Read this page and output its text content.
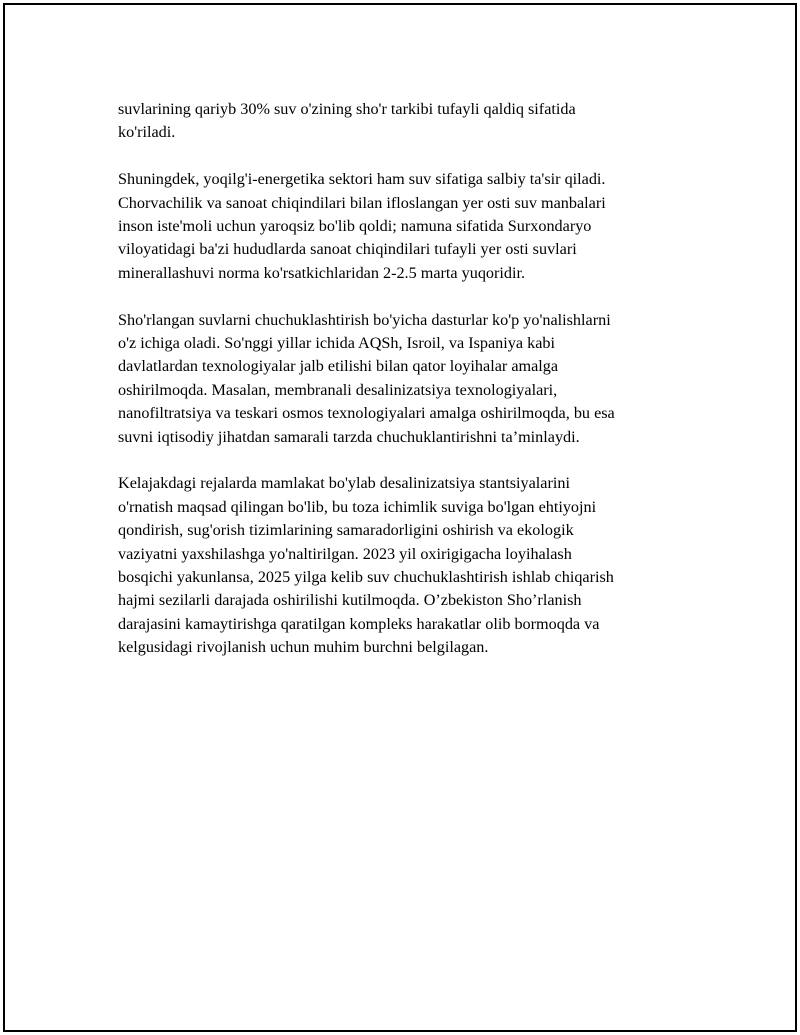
suvlarining qariyb 30% suv o'zining sho'r tarkibi tufayli qaldiq sifatida
ko'riladi.

Shuningdek, yoqilg'i-energetika sektori ham suv sifatiga salbiy ta'sir qiladi.
Chorvachilik va sanoat chiqindilari bilan ifloslangan yer osti suv manbalari
inson iste'moli uchun yaroqsiz bo'lib qoldi; namuna sifatida Surxondaryo
viloyatidagi ba'zi hududlarda sanoat chiqindilari tufayli yer osti suvlari
minerallashuvi norma ko'rsatkichlaridan 2-2.5 marta yuqoridir.

Sho'rlangan suvlarni chuchuklashtirish bo'yicha dasturlar ko'p yo'nalishlarni
o'z ichiga oladi. So'nggi yillar ichida AQSh, Isroil, va Ispaniya kabi
davlatlardan texnologiyalar jalb etilishi bilan qator loyihalar amalga
oshirilmoqda. Masalan, membranali desalinizatsiya texnologiyalari,
nanofiltratsiya va teskari osmos texnologiyalari amalga oshirilmoqda, bu esa
suvni iqtisodiy jihatdan samarali tarzda chuchuklantirishni ta’minlaydi.

Kelajakdagi rejalarda mamlakat bo'ylab desalinizatsiya stantsiyalarini
o'rnatish maqsad qilingan bo'lib, bu toza ichimlik suviga bo'lgan ehtiyojni
qondirish, sug'orish tizimlarining samaradorligini oshirish va ekologik
vaziyatni yaxshilashga yo'naltirilgan. 2023 yil oxirigigacha loyihalash
bosqichi yakunlansa, 2025 yilga kelib suv chuchuklashtirish ishlab chiqarish
hajmi sezilarli darajada oshirilishi kutilmoqda. O’zbekiston Sho’rlanish
darajasini kamaytirishga qaratilgan kompleks harakatlar olib bormoqda va
kelgusidagi rivojlanish uchun muhim burchni belgilagan.
